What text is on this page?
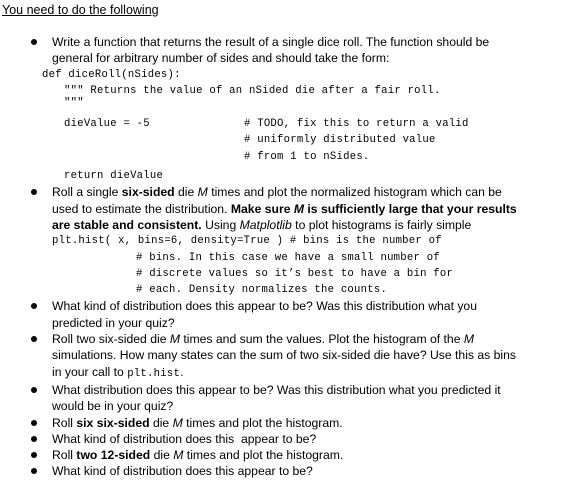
You need to do the following
Write a function that returns the result of a single dice roll. The function should be general for arbitrary number of sides and should take the form:
def diceRoll(nSides):
""" Returns the value of an nSided die after a fair roll.
"""
dieValue = -5	# TODO, fix this to return a valid
# uniformly distributed value
# from 1 to nSides.
return dieValue
Roll a single six-sided die M times and plot the normalized histogram which can be used to estimate the distribution. Make sure M is sufficiently large that your results are stable and consistent. Using Matplotlib to plot histograms is fairly simple
plt.hist( x, bins=6, density=True ) # bins is the number of
# bins. In this case we have a small number of
# discrete values so it’s best to have a bin for
# each. Density normalizes the counts.
What kind of distribution does this appear to be? Was this distribution what you predicted in your quiz?
Roll two six-sided die M times and sum the values. Plot the histogram of the M simulations. How many states can the sum of two six-sided die have? Use this as bins in your call to plt.hist.
What distribution does this appear to be? Was this distribution what you predicted it would be in your quiz?
Roll six six-sided die M times and plot the histogram.
What kind of distribution does this  appear to be?
Roll two 12-sided die M times and plot the histogram.
What kind of distribution does this appear to be?
